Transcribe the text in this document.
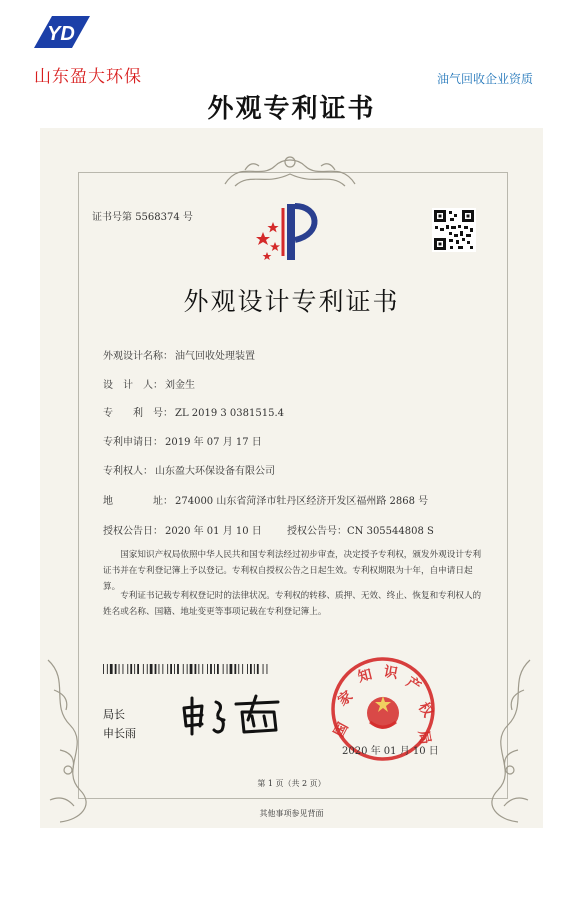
YD
山东盈大环保	油气回收企业资质
外观专利证书
证书号第 5568374 号
外观设计专利证书
外观设计名称： 油气回收处理装置
设　计　人： 刘金生
专　　利　号： ZL 2019 3 0381515.4
专利申请日： 2019 年 07 月 17 日
专利权人： 山东盈大环保设备有限公司
地　　　　址： 274000 山东省菏泽市牡丹区经济开发区福州路 2868 号
授权公告日： 2020 年 01 月 10 日	授权公告号：CN 305544808 S
国家知识产权局依照中华人民共和国专利法经过初步审查，决定授予专利权，颁发外观设计专利证书并在专利登记簿上予以登记。专利权自授权公告之日起生效。专利权期限为十年，自申请日起算。
专利证书记载专利权登记时的法律状况。专利权的转移、质押、无效、终止、恢复和专利权人的姓名或名称、国籍、地址变更等事项记载在专利登记簿上。
局长
申长雨	国
家
知 识
产
权
局
2020 年 01 月 10 日
第 1 页（共 2 页）
其他事项参见背面
